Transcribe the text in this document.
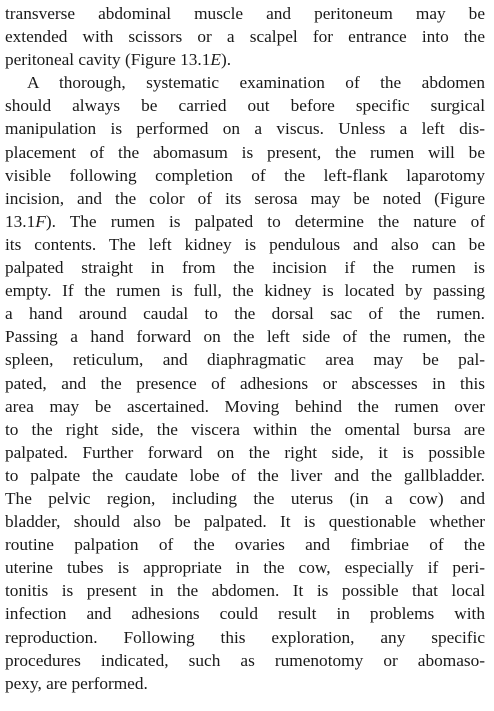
transverse abdominal muscle and peritoneum may be
extended with scissors or a scalpel for entrance into the
peritoneal cavity (Figure 13.1E).
A thorough, systematic examination of the abdomen
should always be carried out before specific surgical
manipulation is performed on a viscus. Unless a left dis-
placement of the abomasum is present, the rumen will be
visible following completion of the left-flank laparotomy
incision, and the color of its serosa may be noted (Figure
13.1F). The rumen is palpated to determine the nature of
its contents. The left kidney is pendulous and also can be
palpated straight in from the incision if the rumen is
empty. If the rumen is full, the kidney is located by passing
a hand around caudal to the dorsal sac of the rumen.
Passing a hand forward on the left side of the rumen, the
spleen, reticulum, and diaphragmatic area may be pal-
pated, and the presence of adhesions or abscesses in this
area may be ascertained. Moving behind the rumen over
to the right side, the viscera within the omental bursa are
palpated. Further forward on the right side, it is possible
to palpate the caudate lobe of the liver and the gallbladder.
The pelvic region, including the uterus (in a cow) and
bladder, should also be palpated. It is questionable whether
routine palpation of the ovaries and fimbriae of the
uterine tubes is appropriate in the cow, especially if peri-
tonitis is present in the abdomen. It is possible that local
infection and adhesions could result in problems with
reproduction. Following this exploration, any specific
procedures indicated, such as rumenotomy or abomaso-
pexy, are performed.
